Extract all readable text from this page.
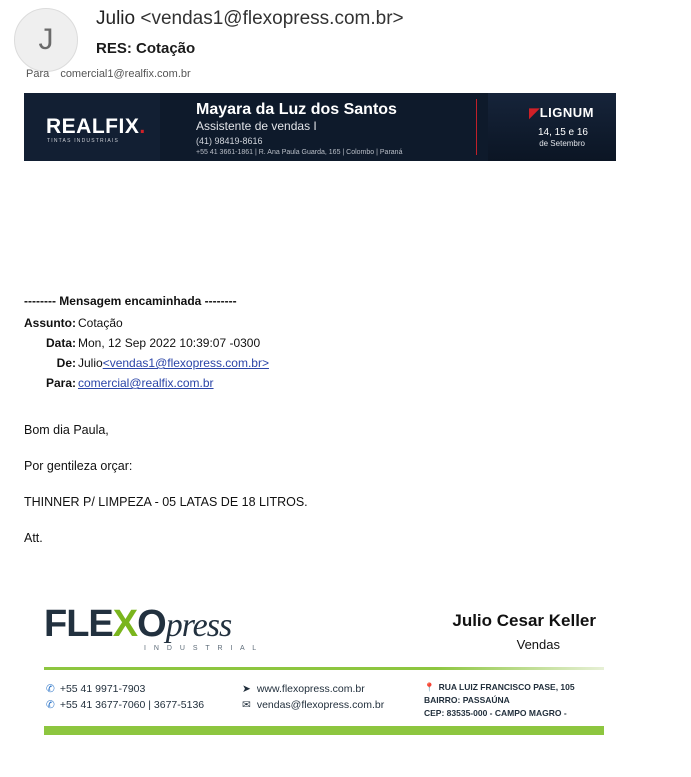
J
Julio <vendas1@flexopress.com.br>
RES: Cotação
Para comercial1@realfix.com.br
REALFIX.
TINTAS INDUSTRIAIS
Mayara da Luz dos Santos
Assistente de vendas I
(41) 98419-8616
+55 41 3661-1861 | R. Ana Paula Guarda, 165 | Colombo | Paraná
◤LIGNUM
14, 15 e 16
de Setembro
-------- Mensagem encaminhada --------
Assunto:	Cotação
Data:	Mon, 12 Sep 2022 10:39:07 -0300
De:	Julio<vendas1@flexopress.com.br>
Para:	comercial@realfix.com.br
Bom dia Paula,
Por gentileza orçar:
THINNER P/ LIMPEZA - 05 LATAS DE 18 LITROS.
Att.
FLEXOpress
I N D U S T R I A L
Julio Cesar Keller
Vendas
✆ +55 41 9971-7903
✆ +55 41 3677-7060 | 3677-5136
➤ www.flexopress.com.br
✉ vendas@flexopress.com.br
📍 RUA LUIZ FRANCISCO PASE, 105
BAIRRO: PASSAÚNA
CEP: 83535-000 - CAMPO MAGRO -
